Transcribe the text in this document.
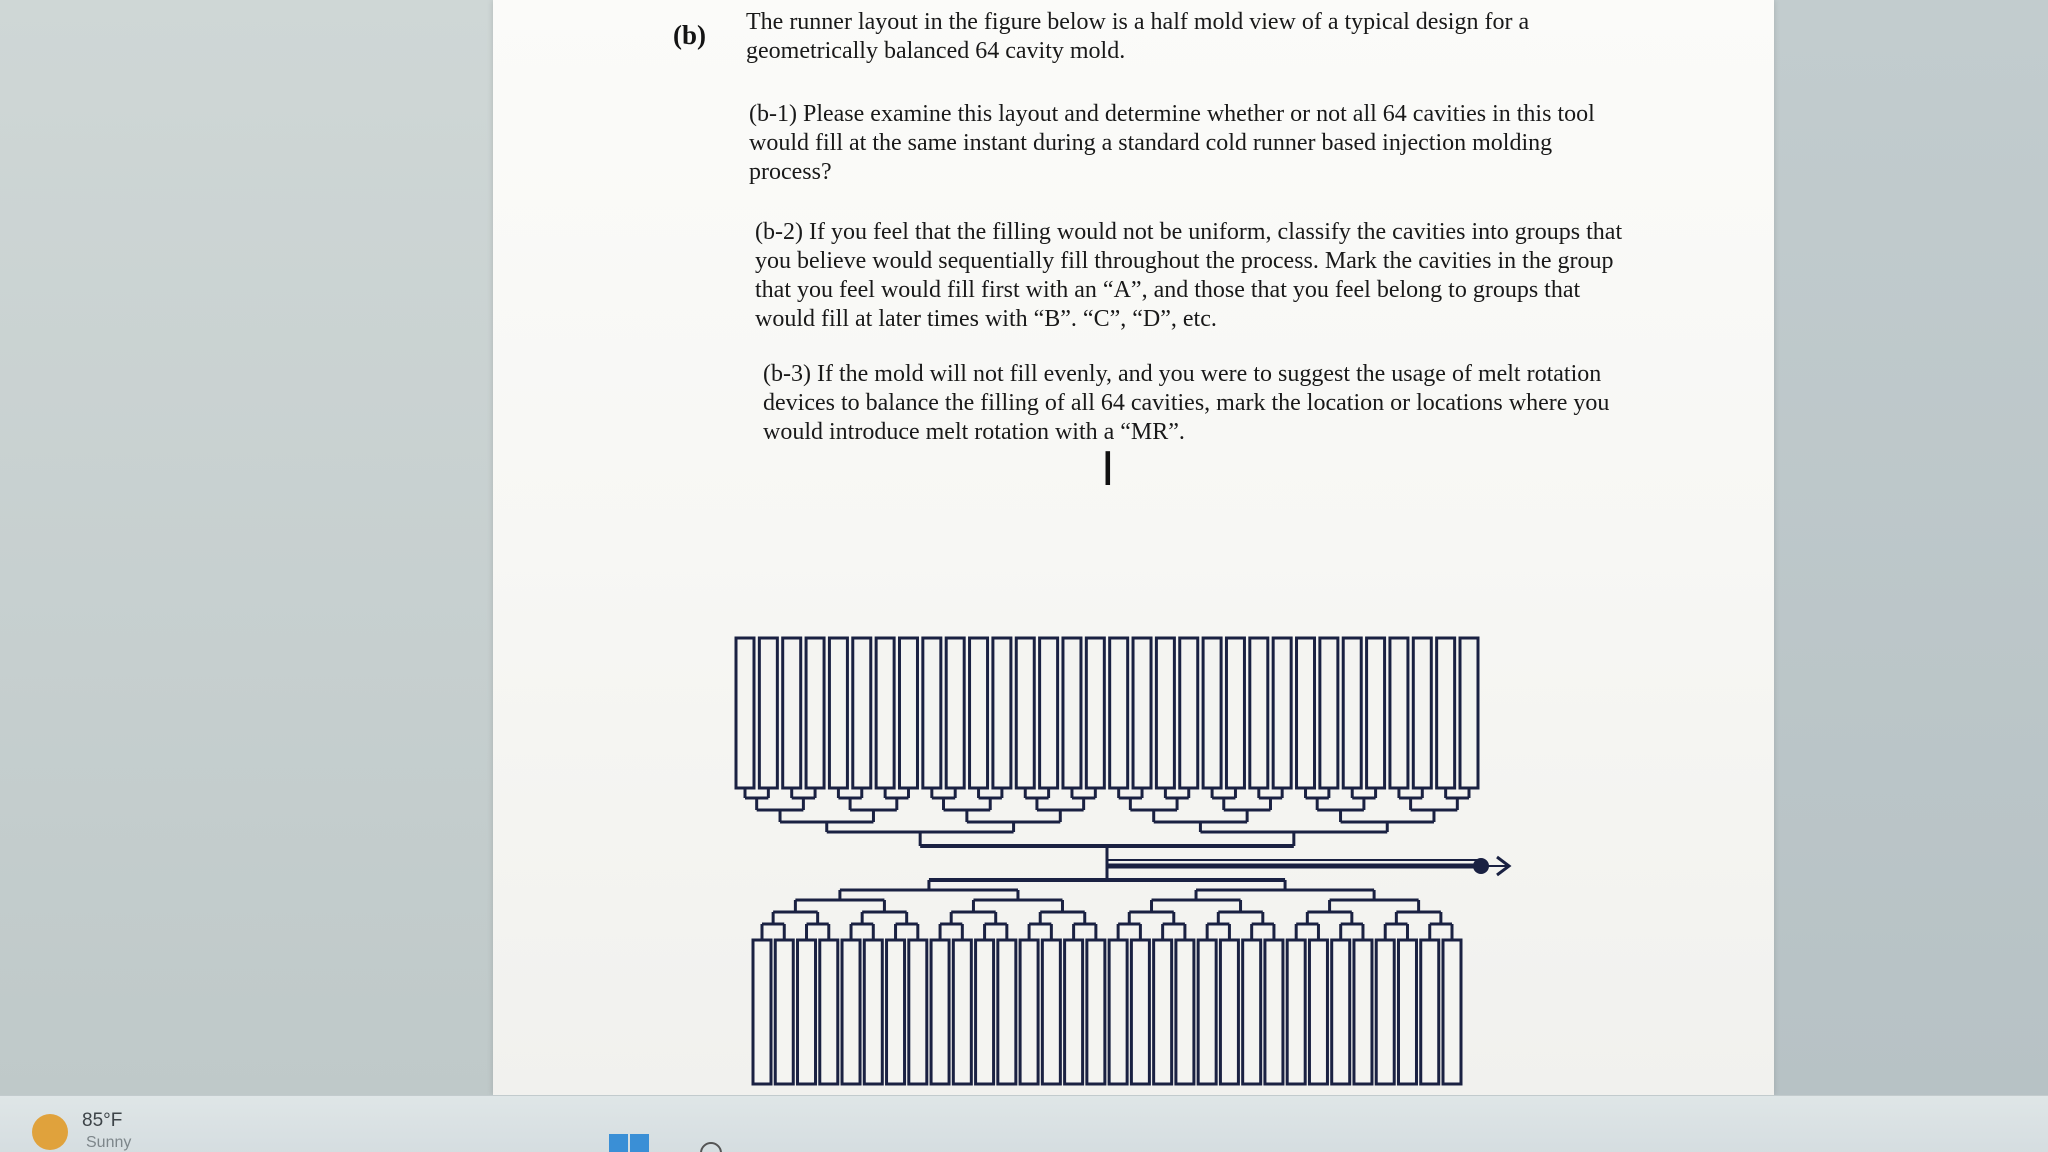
(b) The runner layout in the figure below is a half mold view of a typical design for a geometrically balanced 64 cavity mold.

(b-1) Please examine this layout and determine whether or not all 64 cavities in this tool would fill at the same instant during a standard cold runner based injection molding process?

(b-2) If you feel that the filling would not be uniform, classify the cavities into groups that you believe would sequentially fill throughout the process. Mark the cavities in the group that you feel would fill first with an “A”, and those that you feel belong to groups that would fill at later times with “B”. “C”, “D”, etc.

(b-3) If the mold will not fill evenly, and you were to suggest the usage of melt rotation devices to balance the filling of all 64 cavities, mark the location or locations where you would introduce melt rotation with a “MR”.

I
85°F
Sunny
